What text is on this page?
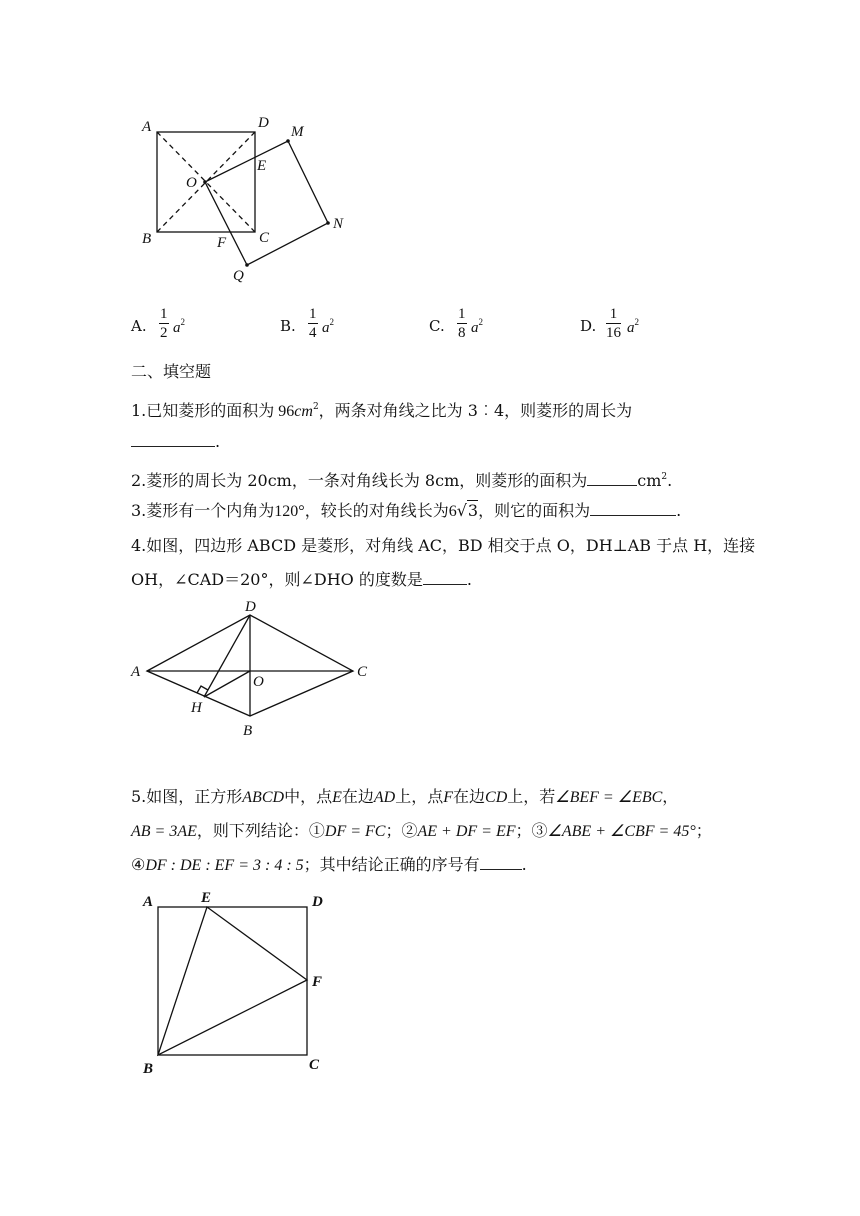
A	D
M
O
E
B	F C
N
Q
A. $\frac{1}{2} a^2$	B. $\frac{1}{4} a^2$	C. $\frac{1}{8} a^2$	D. $\frac{1}{16} a^2$
二、填空题
1.已知菱形的面积为 $96cm^2$，两条对角线之比为 3︰4，则菱形的周长为
.
2.菱形的周长为 20cm，一条对角线长为 8cm，则菱形的面积为	$cm^2$.
3.菱形有一个内角为120°，较长的对角线长为6√3，则它的面积为	.
4.如图，四边形 ABCD 是菱形，对角线 AC，BD 相交于点 O，DH⊥AB 于点 H，连接
OH，∠CAD＝20°，则∠DHO 的度数是	.
D
A
O
C
H
B
5.如图，正方形ABCD中，点E在边AD上，点F在边CD上，若∠BEF = ∠EBC，
AB = 3AE，则下列结论：①DF = FC；②AE + DF = EF；③∠ABE + ∠CBF = 45°；
④DF : DE : EF = 3 : 4 : 5；其中结论正确的序号有	.
A	E	D
F
B	C
